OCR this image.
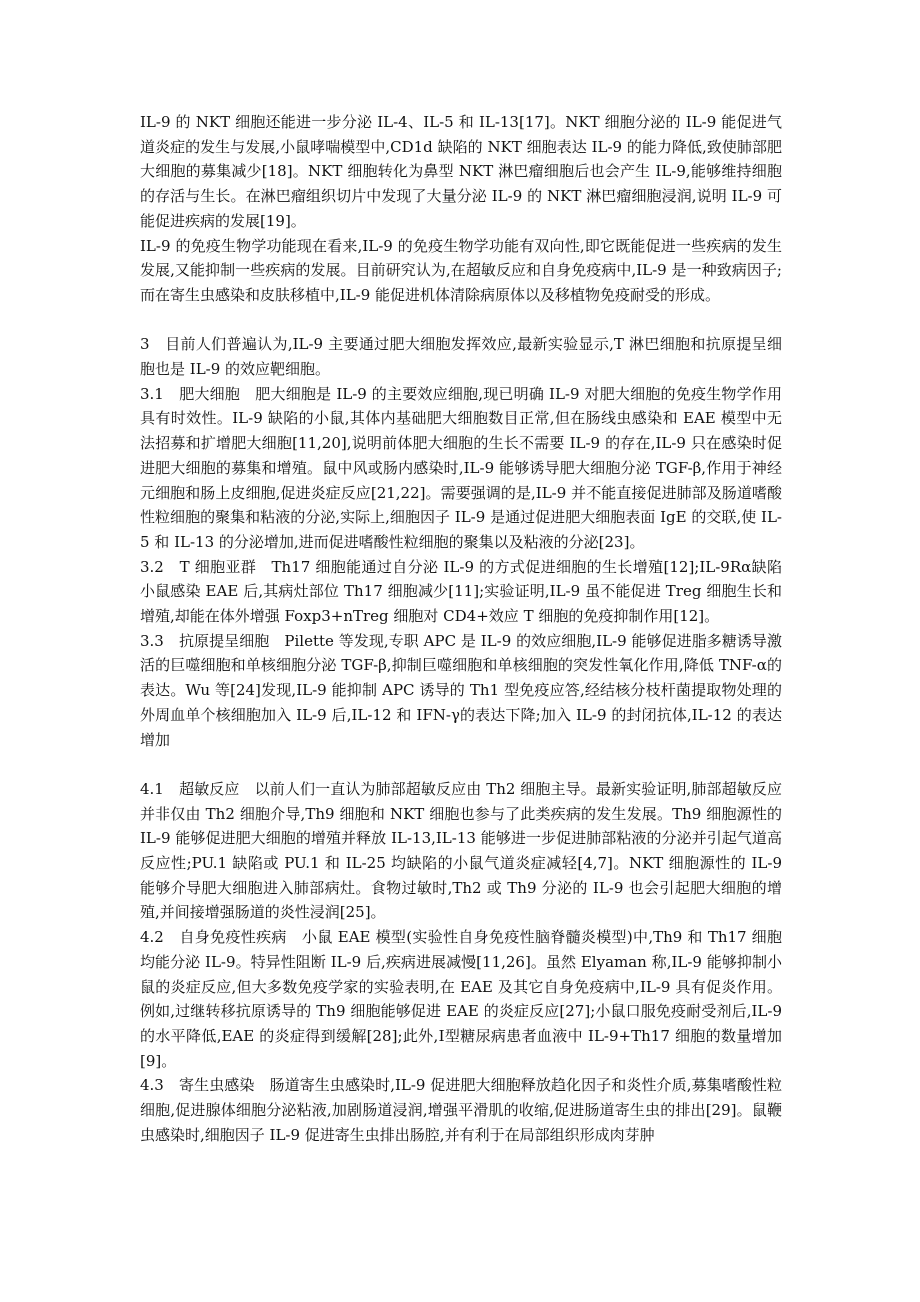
IL-9 的 NKT 细胞还能进一步分泌 IL-4、IL-5 和 IL-13[17]。NKT 细胞分泌的 IL-9 能促进气道炎症的发生与发展,小鼠哮喘模型中,CD1d 缺陷的 NKT 细胞表达 IL-9 的能力降低,致使肺部肥大细胞的募集减少[18]。NKT 细胞转化为鼻型 NKT 淋巴瘤细胞后也会产生 IL-9,能够维持细胞的存活与生长。在淋巴瘤组织切片中发现了大量分泌 IL-9 的 NKT 淋巴瘤细胞浸润,说明 IL-9 可能促进疾病的发展[19]。

IL-9 的免疫生物学功能现在看来,IL-9 的免疫生物学功能有双向性,即它既能促进一些疾病的发生发展,又能抑制一些疾病的发展。目前研究认为,在超敏反应和自身免疫病中,IL-9 是一种致病因子;而在寄生虫感染和皮肤移植中,IL-9 能促进机体清除病原体以及移植物免疫耐受的形成。

3　目前人们普遍认为,IL-9 主要通过肥大细胞发挥效应,最新实验显示,T 淋巴细胞和抗原提呈细胞也是 IL-9 的效应靶细胞。

3.1　肥大细胞　肥大细胞是 IL-9 的主要效应细胞,现已明确 IL-9 对肥大细胞的免疫生物学作用具有时效性。IL-9 缺陷的小鼠,其体内基础肥大细胞数目正常,但在肠线虫感染和 EAE 模型中无法招募和扩增肥大细胞[11,20],说明前体肥大细胞的生长不需要 IL-9 的存在,IL-9 只在感染时促进肥大细胞的募集和增殖。鼠中风或肠内感染时,IL-9 能够诱导肥大细胞分泌 TGF-β,作用于神经元细胞和肠上皮细胞,促进炎症反应[21,22]。需要强调的是,IL-9 并不能直接促进肺部及肠道嗜酸性粒细胞的聚集和粘液的分泌,实际上,细胞因子 IL-9 是通过促进肥大细胞表面 IgE 的交联,使 IL-5 和 IL-13 的分泌增加,进而促进嗜酸性粒细胞的聚集以及粘液的分泌[23]。

3.2　T 细胞亚群　Th17 细胞能通过自分泌 IL-9 的方式促进细胞的生长增殖[12];IL-9Rα缺陷小鼠感染 EAE 后,其病灶部位 Th17 细胞减少[11];实验证明,IL-9 虽不能促进 Treg 细胞生长和增殖,却能在体外增强 Foxp3+nTreg 细胞对 CD4+效应 T 细胞的免疫抑制作用[12]。

3.3　抗原提呈细胞　Pilette 等发现,专职 APC 是 IL-9 的效应细胞,IL-9 能够促进脂多糖诱导激活的巨噬细胞和单核细胞分泌 TGF-β,抑制巨噬细胞和单核细胞的突发性氧化作用,降低 TNF-α的表达。Wu 等[24]发现,IL-9 能抑制 APC 诱导的 Th1 型免疫应答,经结核分枝杆菌提取物处理的外周血单个核细胞加入 IL-9 后,IL-12 和 IFN-γ的表达下降;加入 IL-9 的封闭抗体,IL-12 的表达增加

4.1　超敏反应　以前人们一直认为肺部超敏反应由 Th2 细胞主导。最新实验证明,肺部超敏反应并非仅由 Th2 细胞介导,Th9 细胞和 NKT 细胞也参与了此类疾病的发生发展。Th9 细胞源性的 IL-9 能够促进肥大细胞的增殖并释放 IL-13,IL-13 能够进一步促进肺部粘液的分泌并引起气道高反应性;PU.1 缺陷或 PU.1 和 IL-25 均缺陷的小鼠气道炎症减轻[4,7]。NKT 细胞源性的 IL-9 能够介导肥大细胞进入肺部病灶。食物过敏时,Th2 或 Th9 分泌的 IL-9 也会引起肥大细胞的增殖,并间接增强肠道的炎性浸润[25]。

4.2　自身免疫性疾病　小鼠 EAE 模型(实验性自身免疫性脑脊髓炎模型)中,Th9 和 Th17 细胞均能分泌 IL-9。特异性阻断 IL-9 后,疾病进展减慢[11,26]。虽然 Elyaman 称,IL-9 能够抑制小鼠的炎症反应,但大多数免疫学家的实验表明,在 EAE 及其它自身免疫病中,IL-9 具有促炎作用。例如,过继转移抗原诱导的 Th9 细胞能够促进 EAE 的炎症反应[27];小鼠口服免疫耐受剂后,IL-9 的水平降低,EAE 的炎症得到缓解[28];此外,Ⅰ型糖尿病患者血液中 IL-9+Th17 细胞的数量增加[9]。

4.3　寄生虫感染　肠道寄生虫感染时,IL-9 促进肥大细胞释放趋化因子和炎性介质,募集嗜酸性粒细胞,促进腺体细胞分泌粘液,加剧肠道浸润,增强平滑肌的收缩,促进肠道寄生虫的排出[29]。鼠鞭虫感染时,细胞因子 IL-9 促进寄生虫排出肠腔,并有利于在局部组织形成肉芽肿
